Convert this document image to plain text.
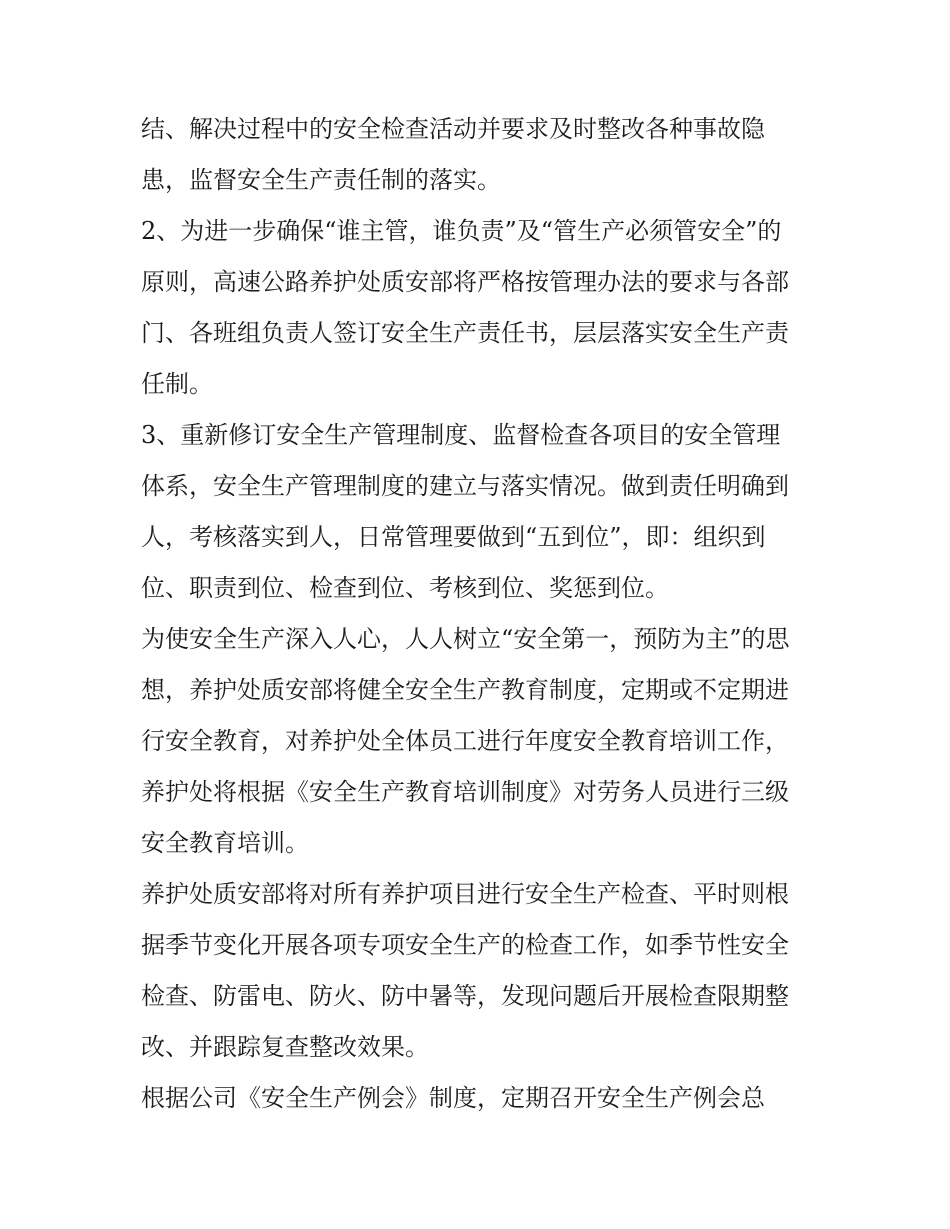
结、解决过程中的安全检查活动并要求及时整改各种事故隐
患，监督安全生产责任制的落实。
2、为进一步确保“谁主管，谁负责”及“管生产必须管安全”的
原则，高速公路养护处质安部将严格按管理办法的要求与各部
门、各班组负责人签订安全生产责任书，层层落实安全生产责
任制。
3、重新修订安全生产管理制度、监督检查各项目的安全管理
体系，安全生产管理制度的建立与落实情况。做到责任明确到
人，考核落实到人，日常管理要做到“五到位”，即：组织到
位、职责到位、检查到位、考核到位、奖惩到位。
为使安全生产深入人心，人人树立“安全第一，预防为主”的思
想，养护处质安部将健全安全生产教育制度，定期或不定期进
行安全教育，对养护处全体员工进行年度安全教育培训工作，
养护处将根据《安全生产教育培训制度》对劳务人员进行三级
安全教育培训。
养护处质安部将对所有养护项目进行安全生产检查、平时则根
据季节变化开展各项专项安全生产的检查工作，如季节性安全
检查、防雷电、防火、防中暑等，发现问题后开展检查限期整
改、并跟踪复查整改效果。
根据公司《安全生产例会》制度，定期召开安全生产例会总
